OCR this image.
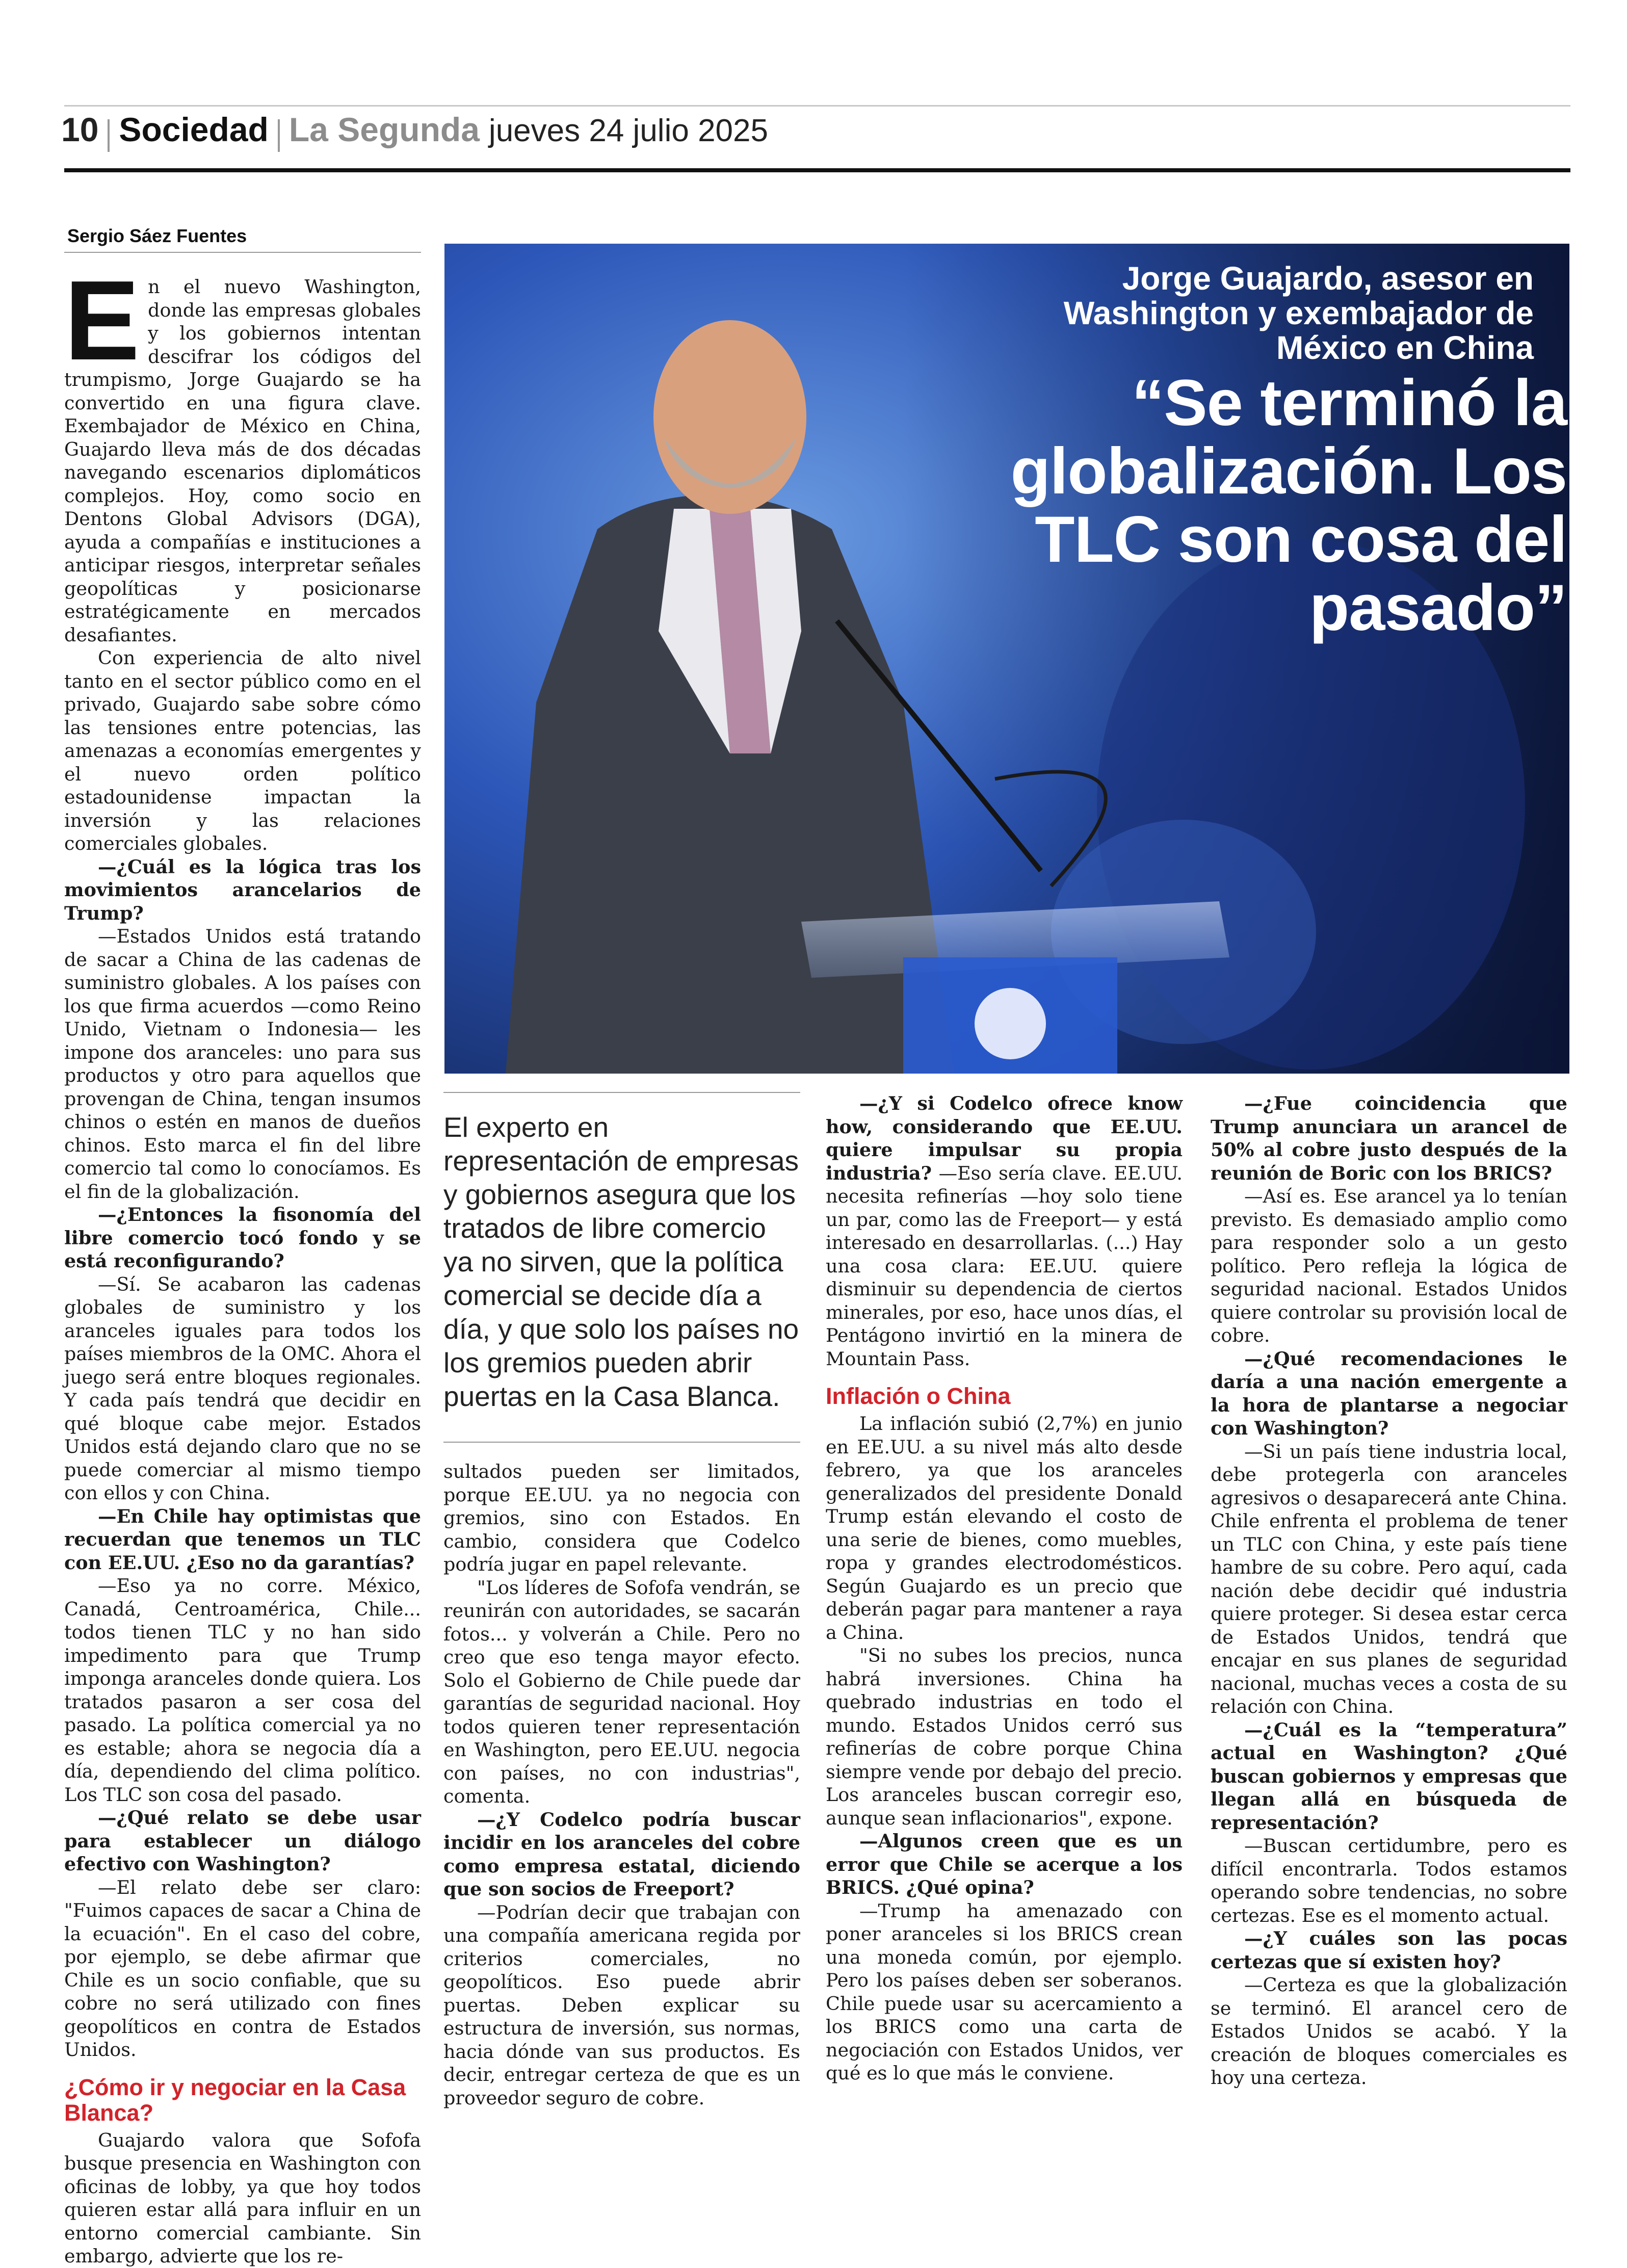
10 Sociedad La Segunda jueves 24 julio 2025
Sergio Sáez Fuentes

En el nuevo Washington, donde las empresas globales y los gobiernos intentan descifrar los códigos del trumpismo, Jorge Guajardo se ha convertido en una figura clave. Exembajador de México en China, Guajardo lleva más de dos décadas navegando escenarios diplomáticos complejos. Hoy, como socio en Dentons Global Advisors (DGA), ayuda a compañías e instituciones a anticipar riesgos, interpretar señales geopolíticas y posicionarse estratégicamente en mercados desafiantes.

Con experiencia de alto nivel tanto en el sector público como en el privado, Guajardo sabe sobre cómo las tensiones entre potencias, las amenazas a economías emergentes y el nuevo orden político estadounidense impactan la inversión y las relaciones comerciales globales.

—¿Cuál es la lógica tras los movimientos arancelarios de Trump?

—Estados Unidos está tratando de sacar a China de las cadenas de suministro globales. A los países con los que firma acuerdos —como Reino Unido, Vietnam o Indonesia— les impone dos aranceles: uno para sus productos y otro para aquellos que provengan de China, tengan insumos chinos o estén en manos de dueños chinos. Esto marca el fin del libre comercio tal como lo conocíamos. Es el fin de la globalización.

—¿Entonces la fisonomía del libre comercio tocó fondo y se está reconfigurando?

—Sí. Se acabaron las cadenas globales de suministro y los aranceles iguales para todos los países miembros de la OMC. Ahora el juego será entre bloques regionales. Y cada país tendrá que decidir en qué bloque cabe mejor. Estados Unidos está dejando claro que no se puede comerciar al mismo tiempo con ellos y con China.

—En Chile hay optimistas que recuerdan que tenemos un TLC con EE.UU. ¿Eso no da garantías?

—Eso ya no corre. México, Canadá, Centroamérica, Chile... todos tienen TLC y no han sido impedimento para que Trump imponga aranceles donde quiera. Los tratados pasaron a ser cosa del pasado. La política comercial ya no es estable; ahora se negocia día a día, dependiendo del clima político. Los TLC son cosa del pasado.

—¿Qué relato se debe usar para establecer un diálogo efectivo con Washington?

—El relato debe ser claro: "Fuimos capaces de sacar a China de la ecuación". En el caso del cobre, por ejemplo, se debe afirmar que Chile es un socio confiable, que su cobre no será utilizado con fines geopolíticos en contra de Estados Unidos.

¿Cómo ir y negociar en la Casa Blanca?

Guajardo valora que Sofofa busque presencia en Washington con oficinas de lobby, ya que hoy todos quieren estar allá para influir en un entorno comercial cambiante. Sin embargo, advierte que los re-

Jorge Guajardo, asesor en Washington y exembajador de México en China
“Se terminó la globalización. Los TLC son cosa del pasado”
El experto en representación de empresas y gobiernos asegura que los tratados de libre comercio ya no sirven, que la política comercial se decide día a día, y que solo los países no los gremios pueden abrir puertas en la Casa Blanca.

sultados pueden ser limitados, porque EE.UU. ya no negocia con gremios, sino con Estados. En cambio, considera que Codelco podría jugar en papel relevante.

"Los líderes de Sofofa vendrán, se reunirán con autoridades, se sacarán fotos... y volverán a Chile. Pero no creo que eso tenga mayor efecto. Solo el Gobierno de Chile puede dar garantías de seguridad nacional. Hoy todos quieren tener representación en Washington, pero EE.UU. negocia con países, no con industrias", comenta.

—¿Y Codelco podría buscar incidir en los aranceles del cobre como empresa estatal, diciendo que son socios de Freeport?

—Podrían decir que trabajan con una compañía americana regida por criterios comerciales, no geopolíticos. Eso puede abrir puertas. Deben explicar su estructura de inversión, sus normas, hacia dónde van sus productos. Es decir, entregar certeza de que es un proveedor seguro de cobre.

—¿Y si Codelco ofrece know how, considerando que EE.UU. quiere impulsar su propia industria? —Eso sería clave. EE.UU. necesita refinerías —hoy solo tiene un par, como las de Freeport— y está interesado en desarrollarlas. (...) Hay una cosa clara: EE.UU. quiere disminuir su dependencia de ciertos minerales, por eso, hace unos días, el Pentágono invirtió en la minera de Mountain Pass.

Inflación o China

La inflación subió (2,7%) en junio en EE.UU. a su nivel más alto desde febrero, ya que los aranceles generalizados del presidente Donald Trump están elevando el costo de una serie de bienes, como muebles, ropa y grandes electrodomésticos. Según Guajardo es un precio que deberán pagar para mantener a raya a China.

"Si no subes los precios, nunca habrá inversiones. China ha quebrado industrias en todo el mundo. Estados Unidos cerró sus refinerías de cobre porque China siempre vende por debajo del precio. Los aranceles buscan corregir eso, aunque sean inflacionarios", expone.

—Algunos creen que es un error que Chile se acerque a los BRICS. ¿Qué opina?

—Trump ha amenazado con poner aranceles si los BRICS crean una moneda común, por ejemplo. Pero los países deben ser soberanos. Chile puede usar su acercamiento a los BRICS como una carta de negociación con Estados Unidos, ver qué es lo que más le conviene.

—¿Fue coincidencia que Trump anunciara un arancel de 50% al cobre justo después de la reunión de Boric con los BRICS?

—Así es. Ese arancel ya lo tenían previsto. Es demasiado amplio como para responder solo a un gesto político. Pero refleja la lógica de seguridad nacional. Estados Unidos quiere controlar su provisión local de cobre.

—¿Qué recomendaciones le daría a una nación emergente a la hora de plantarse a negociar con Washington?

—Si un país tiene industria local, debe protegerla con aranceles agresivos o desaparecerá ante China. Chile enfrenta el problema de tener un TLC con China, y este país tiene hambre de su cobre. Pero aquí, cada nación debe decidir qué industria quiere proteger. Si desea estar cerca de Estados Unidos, tendrá que encajar en sus planes de seguridad nacional, muchas veces a costa de su relación con China.

—¿Cuál es la “temperatura” actual en Washington? ¿Qué buscan gobiernos y empresas que llegan allá en búsqueda de representación?

—Buscan certidumbre, pero es difícil encontrarla. Todos estamos operando sobre tendencias, no sobre certezas. Ese es el momento actual.

—¿Y cuáles son las pocas certezas que sí existen hoy?

—Certeza es que la globalización se terminó. El arancel cero de Estados Unidos se acabó. Y la creación de bloques comerciales es hoy una certeza.
